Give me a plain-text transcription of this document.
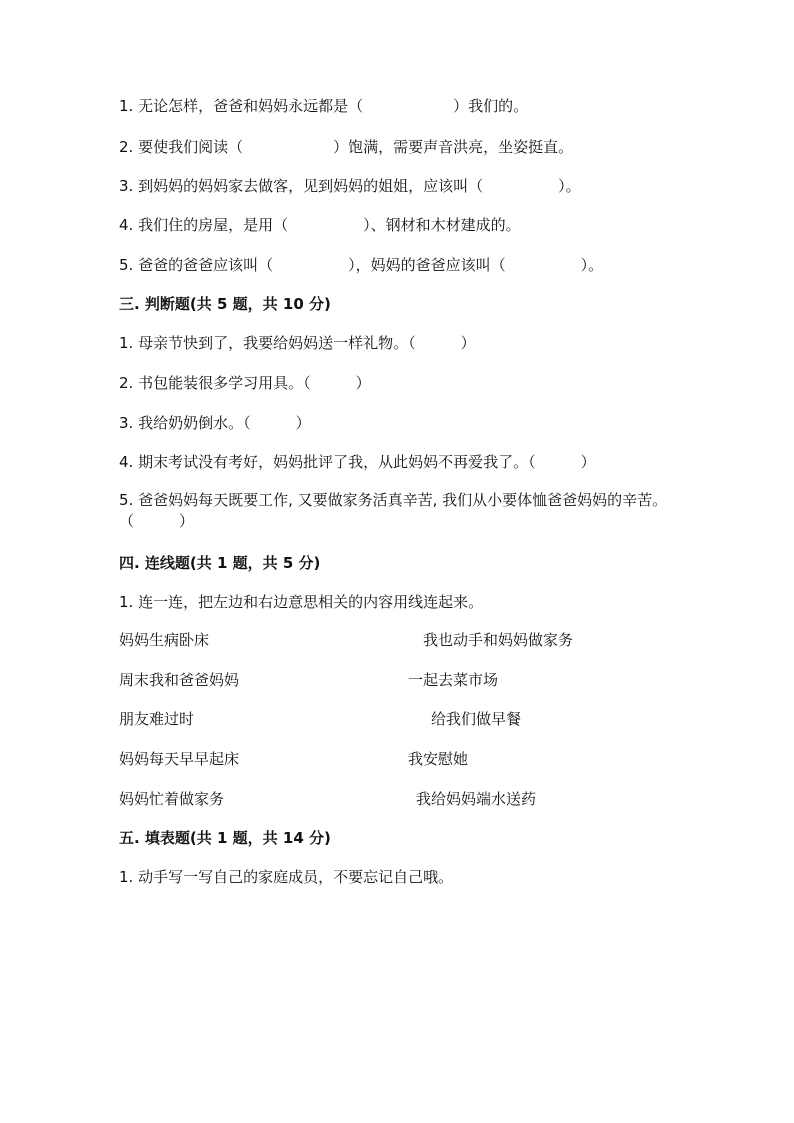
1. 无论怎样，爸爸和妈妈永远都是（　　　　　　）我们的。
2. 要使我们阅读（　　　　　　）饱满，需要声音洪亮，坐姿挺直。
3. 到妈妈的妈妈家去做客，见到妈妈的姐姐，应该叫（　　　　　）。
4. 我们住的房屋，是用（　　　　　）、钢材和木材建成的。
5. 爸爸的爸爸应该叫（　　　　　），妈妈的爸爸应该叫（　　　　　）。
三. 判断题(共 5 题，共 10 分)
1. 母亲节快到了，我要给妈妈送一样礼物。（　　　）
2. 书包能装很多学习用具。（　　　）
3. 我给奶奶倒水。（　　　）
4. 期末考试没有考好，妈妈批评了我，从此妈妈不再爱我了。（　　　）
5. 爸爸妈妈每天既要工作, 又要做家务活真辛苦, 我们从小要体恤爸爸妈妈的辛苦。（　　　）
四. 连线题(共 1 题，共 5 分)
1. 连一连，把左边和右边意思相关的内容用线连起来。
妈妈生病卧床	我也动手和妈妈做家务
周末我和爸爸妈妈	一起去菜市场
朋友难过时	给我们做早餐
妈妈每天早早起床	我安慰她
妈妈忙着做家务	我给妈妈端水送药
五. 填表题(共 1 题，共 14 分)
1. 动手写一写自己的家庭成员，不要忘记自己哦。
